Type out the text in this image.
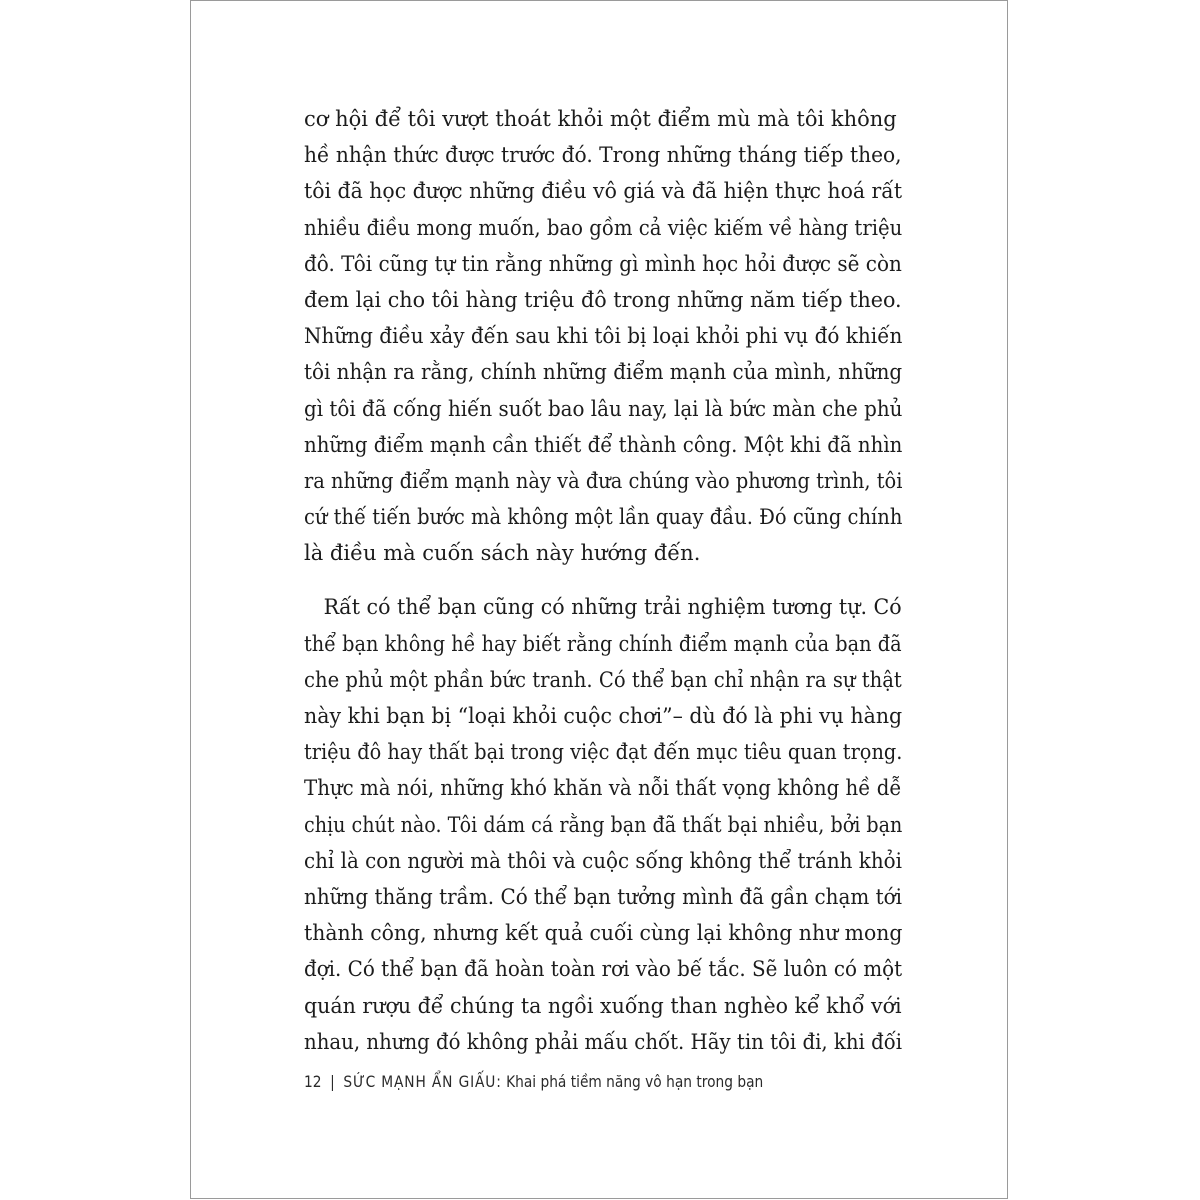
cơ hội để tôi vượt thoát khỏi một điểm mù mà tôi không
hề nhận thức được trước đó. Trong những tháng tiếp theo,
tôi đã học được những điều vô giá và đã hiện thực hoá rất
nhiều điều mong muốn, bao gồm cả việc kiếm về hàng triệu
đô. Tôi cũng tự tin rằng những gì mình học hỏi được sẽ còn
đem lại cho tôi hàng triệu đô trong những năm tiếp theo.
Những điều xảy đến sau khi tôi bị loại khỏi phi vụ đó khiến
tôi nhận ra rằng, chính những điểm mạnh của mình, những
gì tôi đã cống hiến suốt bao lâu nay, lại là bức màn che phủ
những điểm mạnh cần thiết để thành công. Một khi đã nhìn
ra những điểm mạnh này và đưa chúng vào phương trình, tôi
cứ thế tiến bước mà không một lần quay đầu. Đó cũng chính
là điều mà cuốn sách này hướng đến.
Rất có thể bạn cũng có những trải nghiệm tương tự. Có
thể bạn không hề hay biết rằng chính điểm mạnh của bạn đã
che phủ một phần bức tranh. Có thể bạn chỉ nhận ra sự thật
này khi bạn bị “loại khỏi cuộc chơi”– dù đó là phi vụ hàng
triệu đô hay thất bại trong việc đạt đến mục tiêu quan trọng.
Thực mà nói, những khó khăn và nỗi thất vọng không hề dễ
chịu chút nào. Tôi dám cá rằng bạn đã thất bại nhiều, bởi bạn
chỉ là con người mà thôi và cuộc sống không thể tránh khỏi
những thăng trầm. Có thể bạn tưởng mình đã gần chạm tới
thành công, nhưng kết quả cuối cùng lại không như mong
đợi. Có thể bạn đã hoàn toàn rơi vào bế tắc. Sẽ luôn có một
quán rượu để chúng ta ngồi xuống than nghèo kể khổ với
nhau, nhưng đó không phải mấu chốt. Hãy tin tôi đi, khi đối
12 | SỨC MẠNH ẨN GIẤU: Khai phá tiềm năng vô hạn trong bạn
